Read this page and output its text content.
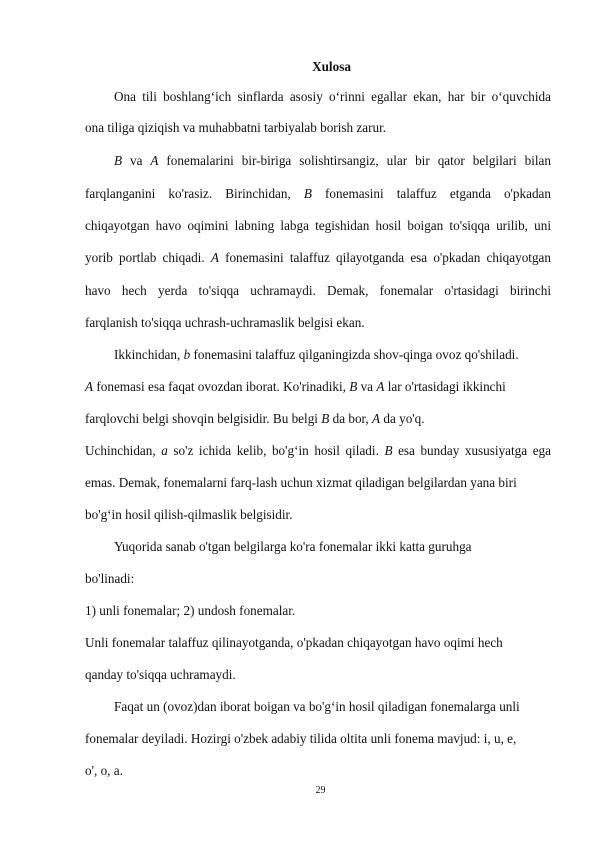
Xulosa
Ona tili boshlang‘ich sinflarda asosiy o‘rinni egallar ekan, har bir o‘quvchida
ona tiliga qiziqish va muhabbatni tarbiyalab borish zarur.
B va A fonemalarini bir-biriga solishtirsangiz, ular bir qator belgilari bilan
farqlanganini ko'rasiz. Birinchidan, B fonemasini talaffuz etganda o'pkadan
chiqayotgan havo oqimini labning labga tegishidan hosil boigan to'siqqa urilib, uni
yorib portlab chiqadi. A fonemasini talaffuz qilayotganda esa o'pkadan chiqayotgan
havo hech yerda to'siqqa uchramaydi. Demak, fonemalar o'rtasidagi birinchi
farqlanish to'siqqa uchrash-uchramaslik belgisi ekan.
Ikkinchidan, b fonemasini talaffuz qilganingizda shov-qinga ovoz qo'shiladi.
A fonemasi esa faqat ovozdan iborat. Ko'rinadiki, B va A lar o'rtasidagi ikkinchi
farqlovchi belgi shovqin belgisidir. Bu belgi B da bor, A da yo'q.
Uchinchidan, a so'z ichida kelib, bo'g‘in hosil qiladi. B esa bunday xususiyatga ega
emas. Demak, fonemalarni farq-lash uchun xizmat qiladigan belgilardan yana biri
bo'g‘in hosil qilish-qilmaslik belgisidir.
Yuqorida sanab o'tgan belgilarga ko'ra fonemalar ikki katta guruhga
bo'linadi:
1) unli fonemalar; 2) undosh fonemalar.
Unli fonemalar talaffuz qilinayotganda, o'pkadan chiqayotgan havo oqimi hech
qanday to'siqqa uchramaydi.
Faqat un (ovoz)dan iborat boigan va bo'g‘in hosil qiladigan fonemalarga unli
fonemalar deyiladi. Hozirgi o'zbek adabiy tilida oltita unli fonema mavjud: i, u, e,
o', o, a.
29
